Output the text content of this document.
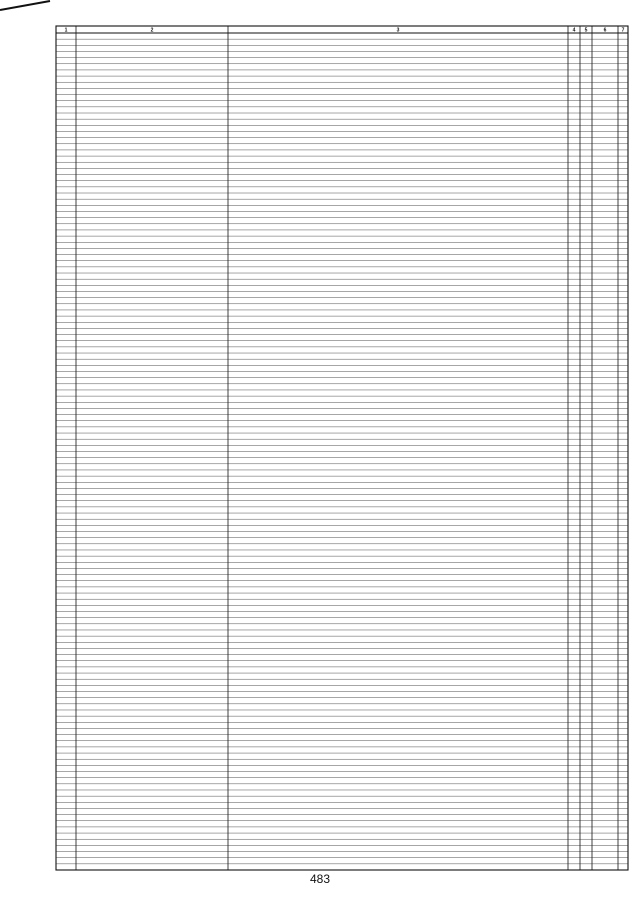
1	2	3	4 5	6	7
483
